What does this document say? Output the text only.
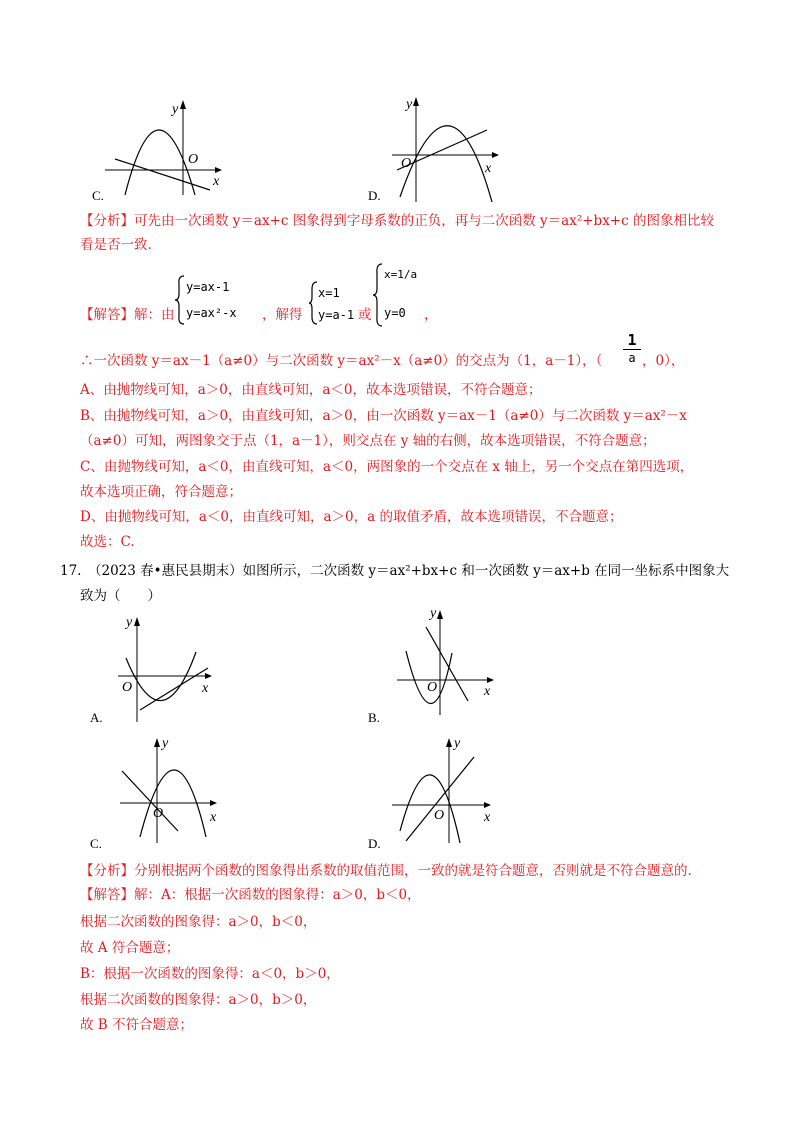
y
O
x
C.
y
O	x
D.
【分析】可先由一次函数 y＝ax+c 图象得到字母系数的正负，再与二次函数 y＝ax²+bx+c 的图象相比较
看是否一致.
【解答】解：由
y=ax-1
y=ax²-x ，解得
x=1
y=a-1 或
x=1/a
y=0 ，
∴一次函数 y＝ax－1（a≠0）与二次函数 y＝ax²－x（a≠0）的交点为（1，a－1），（
1
a ，0），
A、由抛物线可知，a＞0，由直线可知，a＜0，故本选项错误，不符合题意；
B、由抛物线可知，a＞0，由直线可知，a＞0，由一次函数 y＝ax－1（a≠0）与二次函数 y＝ax²－x
（a≠0）可知，两图象交于点（1，a－1），则交点在 y 轴的右侧，故本选项错误，不符合题意；
C、由抛物线可知，a＜0，由直线可知，a＜0，两图象的一个交点在 x 轴上，另一个交点在第四选项，
故本选项正确，符合题意；
D、由抛物线可知，a＜0，由直线可知，a＞0，a 的取值矛盾，故本选项错误，不合题意；
故选：C.
17. （2023 春•惠民县期末）如图所示，二次函数 y＝ax²+bx+c 和一次函数 y＝ax+b 在同一坐标系中图象大
致为（　　）
y
O	x
A.
y
O	x
B.
y
O	x
C.
y
O	x
D.
【分析】分别根据两个函数的图象得出系数的取值范围，一致的就是符合题意，否则就是不符合题意的.
【解答】解：A：根据一次函数的图象得：a＞0，b＜0，
根据二次函数的图象得：a＞0，b＜0，
故 A 符合题意；
B：根据一次函数的图象得：a＜0，b＞0，
根据二次函数的图象得：a＞0，b＞0，
故 B 不符合题意；
